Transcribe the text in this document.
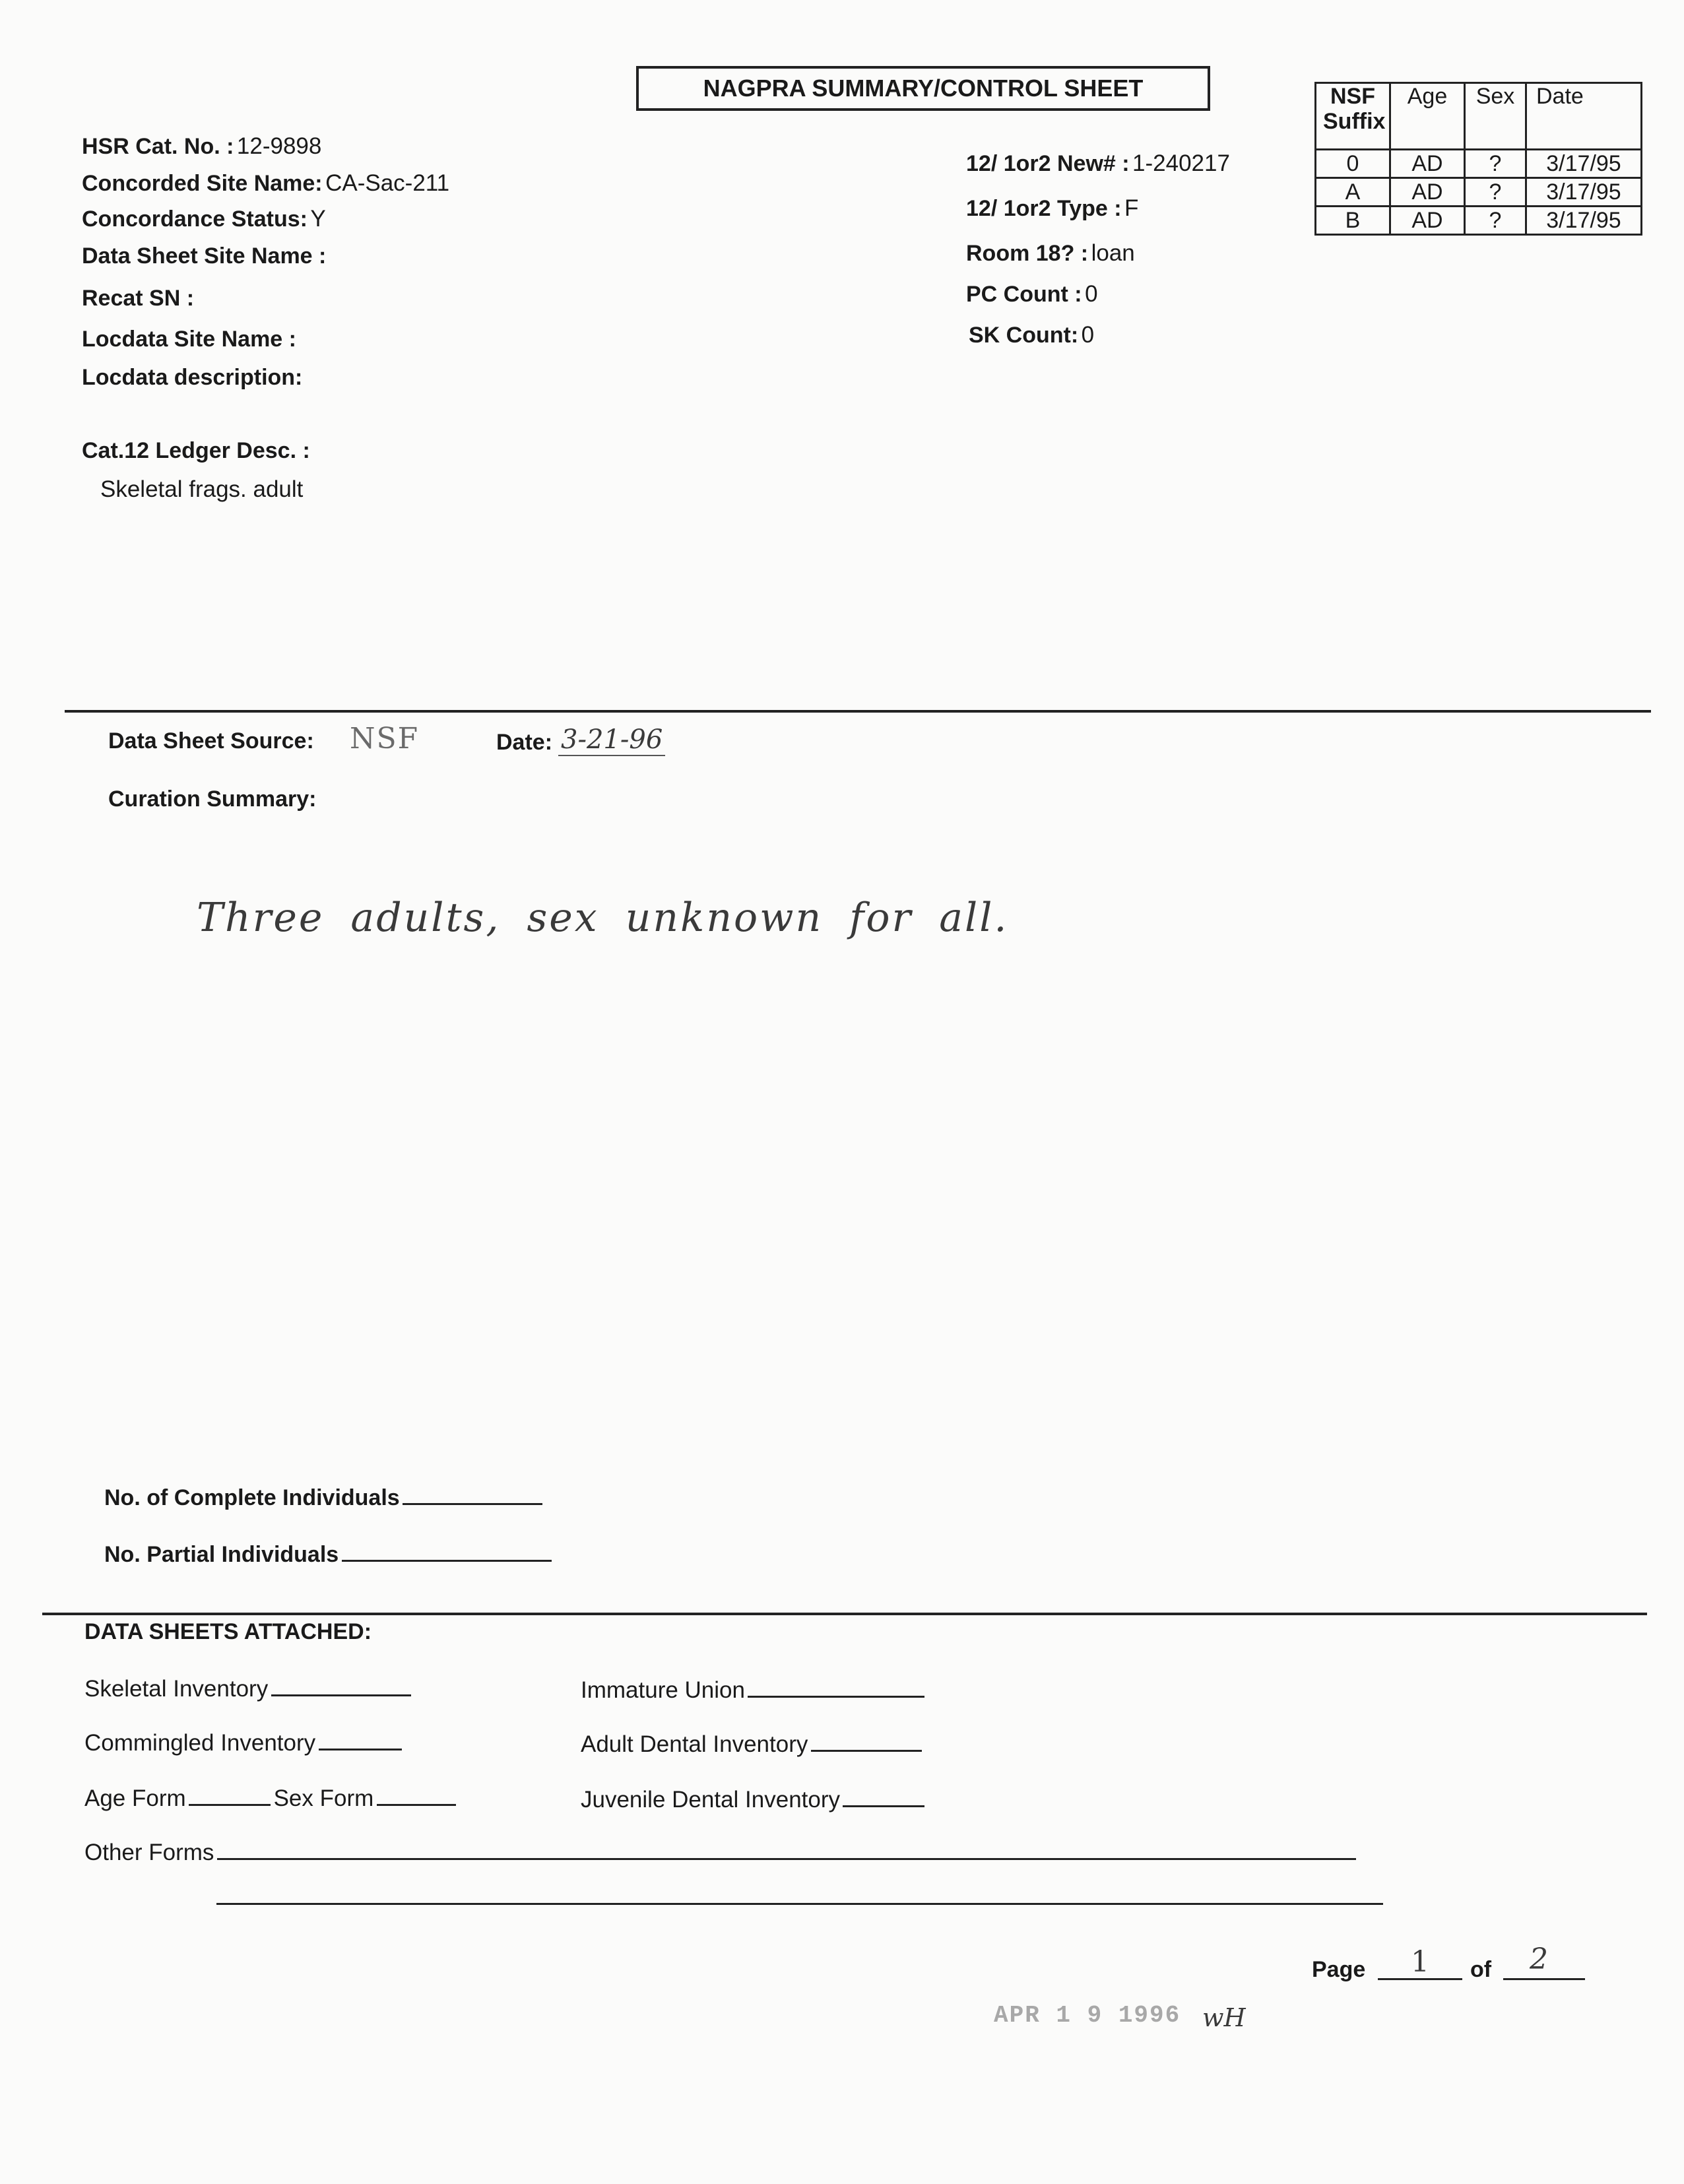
NAGPRA SUMMARY/CONTROL SHEET
HSR Cat. No. : 12-9898
Concorded Site Name: CA-Sac-211
Concordance Status: Y
Data Sheet Site Name :
Recat SN :
Locdata Site Name :
Locdata description:
Cat.12 Ledger Desc. :
Skeletal frags. adult
12/ 1or2 New# : 1-240217
12/ 1or2 Type : F
Room 18? : loan
PC Count : 0
SK Count: 0
NSF Suffix	Age	Sex	Date
0	AD	?	3/17/95
A	AD	?	3/17/95
B	AD	?	3/17/95
Data Sheet Source: NSF	Date: 3-21-96
Curation Summary:
Three adults, sex unknown for all.
No. of Complete Individuals
No. Partial Individuals
DATA SHEETS ATTACHED:
Skeletal Inventory
Commingled Inventory
Age Form	Sex Form
Other Forms
Immature Union
Adult Dental Inventory
Juvenile Dental Inventory
Page 1 of 2
APR 1 9 1996 wH
